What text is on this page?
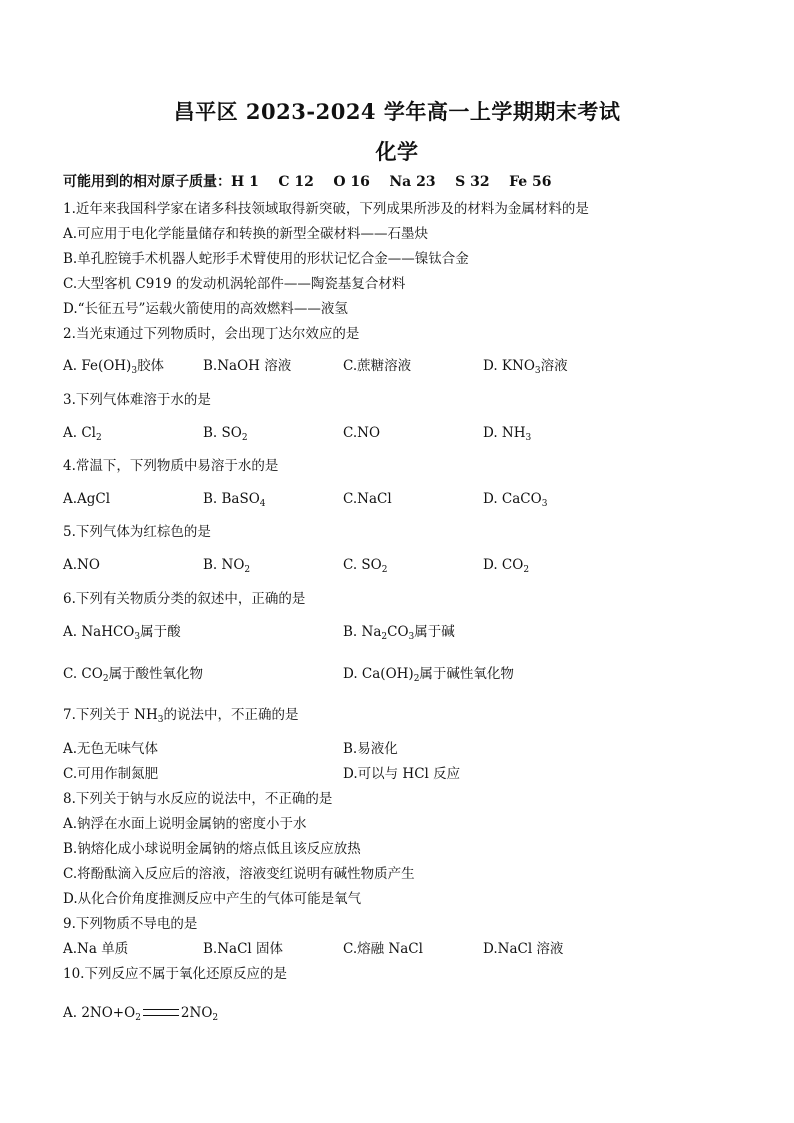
昌平区 2023-2024 学年高一上学期期末考试
化学
可能用到的相对原子质量：H 1    C 12    O 16    Na 23    S 32    Fe 56
1.近年来我国科学家在诸多科技领域取得新突破，下列成果所涉及的材料为金属材料的是
A.可应用于电化学能量储存和转换的新型全碳材料——石墨炔
B.单孔腔镜手术机器人蛇形手术臂使用的形状记忆合金——镍钛合金
C.大型客机 C919 的发动机涡轮部件——陶瓷基复合材料
D.“长征五号”运载火箭使用的高效燃料——液氢
2.当光束通过下列物质时，会出现丁达尔效应的是
A. $Fe(OH)_3$胶体	B.NaOH 溶液	C.蔗糖溶液	D. $KNO_3$溶液
3.下列气体难溶于水的是
A. $Cl_2$	B. $SO_2$	C.NO	D. $NH_3$
4.常温下，下列物质中易溶于水的是
A.AgCl	B. BaSO$_4$	C.NaCl	D. CaCO$_3$
5.下列气体为红棕色的是
A.NO	B. $NO_2$	C. $SO_2$	D. $CO_2$
6.下列有关物质分类的叙述中，正确的是
A. NaHCO$_3$属于酸	B. $Na_2CO_3$属于碱
C. $CO_2$属于酸性氧化物	D. $Ca(OH)_2$属于碱性氧化物
7.下列关于 $NH_3$的说法中，不正确的是
A.无色无味气体	B.易液化
C.可用作制氮肥	D.可以与 HCl 反应
8.下列关于钠与水反应的说法中，不正确的是
A.钠浮在水面上说明金属钠的密度小于水
B.钠熔化成小球说明金属钠的熔点低且该反应放热
C.将酚酞滴入反应后的溶液，溶液变红说明有碱性物质产生
D.从化合价角度推测反应中产生的气体可能是氧气
9.下列物质不导电的是
A.Na 单质	B.NaCl 固体	C.熔融 NaCl	D.NaCl 溶液
10.下列反应不属于氧化还原反应的是
A. $2NO+O_2$	$2NO_2$
